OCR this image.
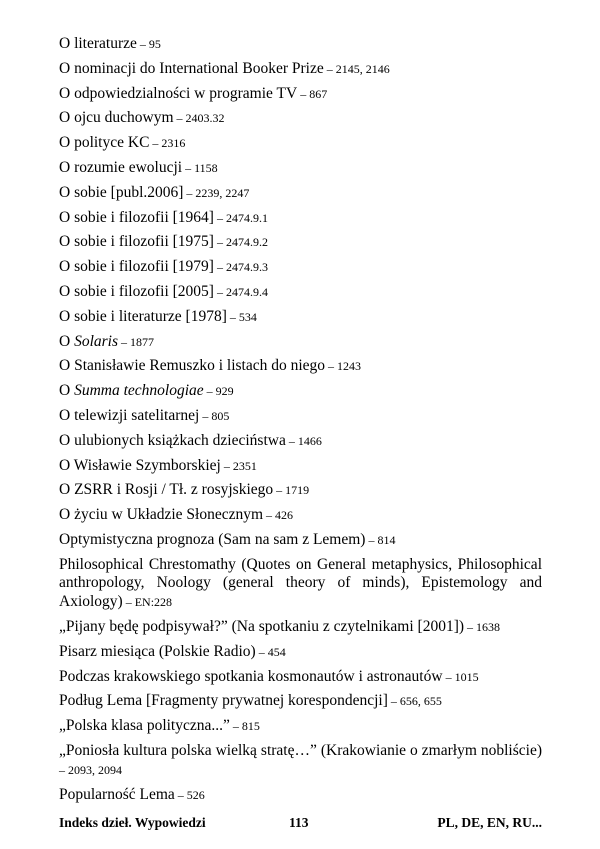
O literaturze – 95
O nominacji do International Booker Prize – 2145, 2146
O odpowiedzialności w programie TV – 867
O ojcu duchowym – 2403.32
O polityce KC – 2316
O rozumie ewolucji – 1158
O sobie [publ.2006] – 2239, 2247
O sobie i filozofii [1964] – 2474.9.1
O sobie i filozofii [1975] – 2474.9.2
O sobie i filozofii [1979] – 2474.9.3
O sobie i filozofii [2005] – 2474.9.4
O sobie i literaturze [1978] – 534
O Solaris – 1877
O Stanisławie Remuszko i listach do niego – 1243
O Summa technologiae – 929
O telewizji satelitarnej – 805
O ulubionych książkach dzieciństwa – 1466
O Wisławie Szymborskiej – 2351
O ZSRR i Rosji / Tł. z rosyjskiego – 1719
O życiu w Układzie Słonecznym – 426
Optymistyczna prognoza (Sam na sam z Lemem) – 814
Philosophical Chrestomathy (Quotes on General metaphysics, Philosophical anthropology, Noology (general theory of minds), Epistemology and Axiology) – EN:228
„Pijany będę podpisywał?” (Na spotkaniu z czytelnikami [2001]) – 1638
Pisarz miesiąca (Polskie Radio) – 454
Podczas krakowskiego spotkania kosmonautów i astronautów – 1015
Podług Lema [Fragmenty prywatnej korespondencji] – 656, 655
„Polska klasa polityczna...” – 815
„Poniosła kultura polska wielką stratę…” (Krakowianie o zmarłym nobliście) – 2093, 2094
Popularność Lema – 526
Indeks dzieł. Wypowiedzi	113	PL, DE, EN, RU...
